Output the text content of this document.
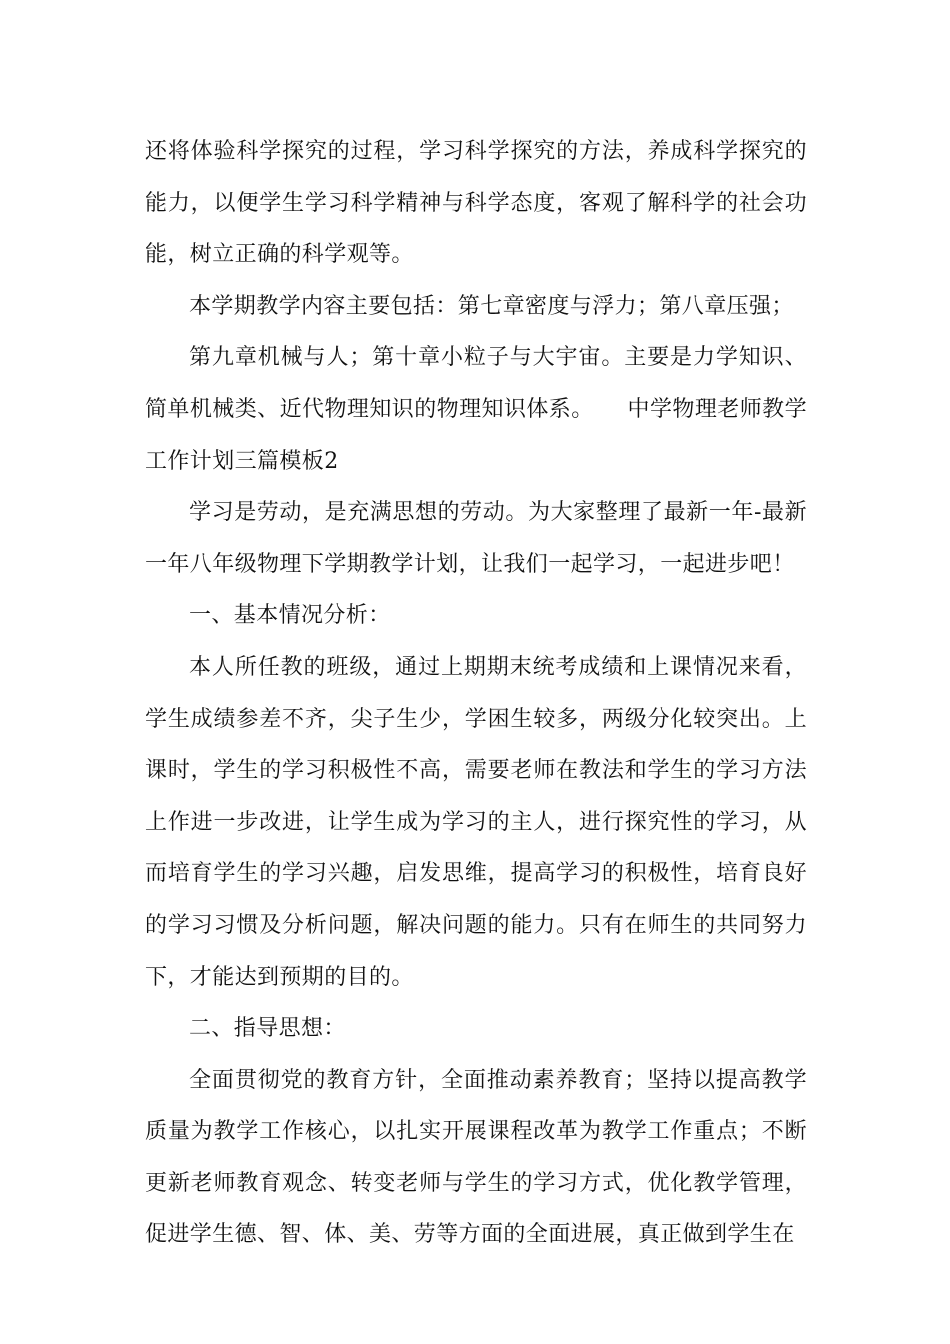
还将体验科学探究的过程，学习科学探究的方法，养成科学探究的能力，以便学生学习科学精神与科学态度，客观了解科学的社会功能，树立正确的科学观等。

本学期教学内容主要包括：第七章密度与浮力；第八章压强；

第九章机械与人；第十章小粒子与大宇宙。主要是力学知识、简单机械类、近代物理知识的物理知识体系。　　中学物理老师教学工作计划三篇模板2

学习是劳动，是充满思想的劳动。为大家整理了最新一年-最新一年八年级物理下学期教学计划，让我们一起学习，一起进步吧！

一、基本情况分析：

本人所任教的班级，通过上期期末统考成绩和上课情况来看，学生成绩参差不齐，尖子生少，学困生较多，两级分化较突出。上课时，学生的学习积极性不高，需要老师在教法和学生的学习方法上作进一步改进，让学生成为学习的主人，进行探究性的学习，从而培育学生的学习兴趣，启发思维，提高学习的积极性，培育良好的学习习惯及分析问题，解决问题的能力。只有在师生的共同努力下，才能达到预期的目的。

二、指导思想：

全面贯彻党的教育方针，全面推动素养教育；坚持以提高教学质量为教学工作核心，以扎实开展课程改革为教学工作重点；不断更新老师教育观念、转变老师与学生的学习方式，优化教学管理，促进学生德、智、体、美、劳等方面的全面进展，真正做到学生在
